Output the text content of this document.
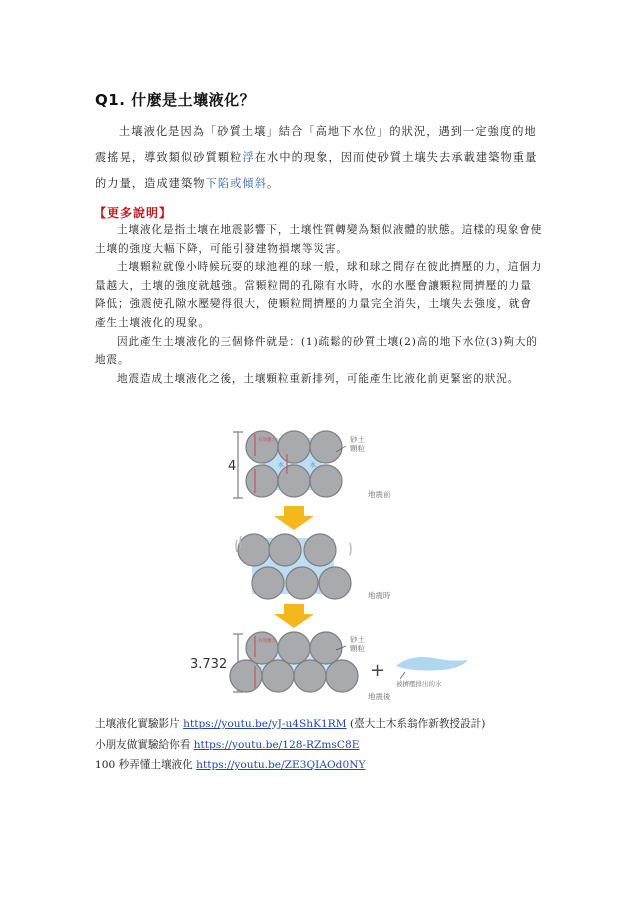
Q1. 什麼是土壤液化？
土壤液化是因為「砂質土壤」結合「高地下水位」的狀況，遇到一定強度的地震搖晃，導致類似砂質顆粒浮在水中的現象，因而使砂質土壤失去承載建築物重量的力量，造成建築物下陷或傾斜。
【更多說明】

土壤液化是指土壤在地震影響下，土壤性質轉變為類似液體的狀態。這樣的現象會使土壤的強度大幅下降，可能引發建物損壞等災害。

土壤顆粒就像小時候玩耍的球池裡的球一般，球和球之間存在彼此擠壓的力，這個力量越大，土壤的強度就越強。當顆粒間的孔隙有水時，水的水壓會讓顆粒間擠壓的力量降低；強震使孔隙水壓變得很大，使顆粒間擠壓的力量完全消失，土壤失去強度，就會產生土壤液化的現象。

因此產生土壤液化的三個條件就是：(1)疏鬆的砂質土壤(2)高的地下水位(3)夠大的地震。

地震造成土壤液化之後，土壤顆粒重新排列，可能產生比液化前更緊密的狀況。

4	水	水
有效應力	砂土顆粒
地震前
地震時
3.732
有效應力	砂土顆粒
+
被擠壓排出的水
地震後
土壤液化實驗影片 https://youtu.be/yJ-u4ShK1RM (臺大土木系翁作新教授設計)
小朋友做實驗給你看 https://youtu.be/128-RZmsC8E
100 秒弄懂土壤液化 https://youtu.be/ZE3QIAOd0NY
